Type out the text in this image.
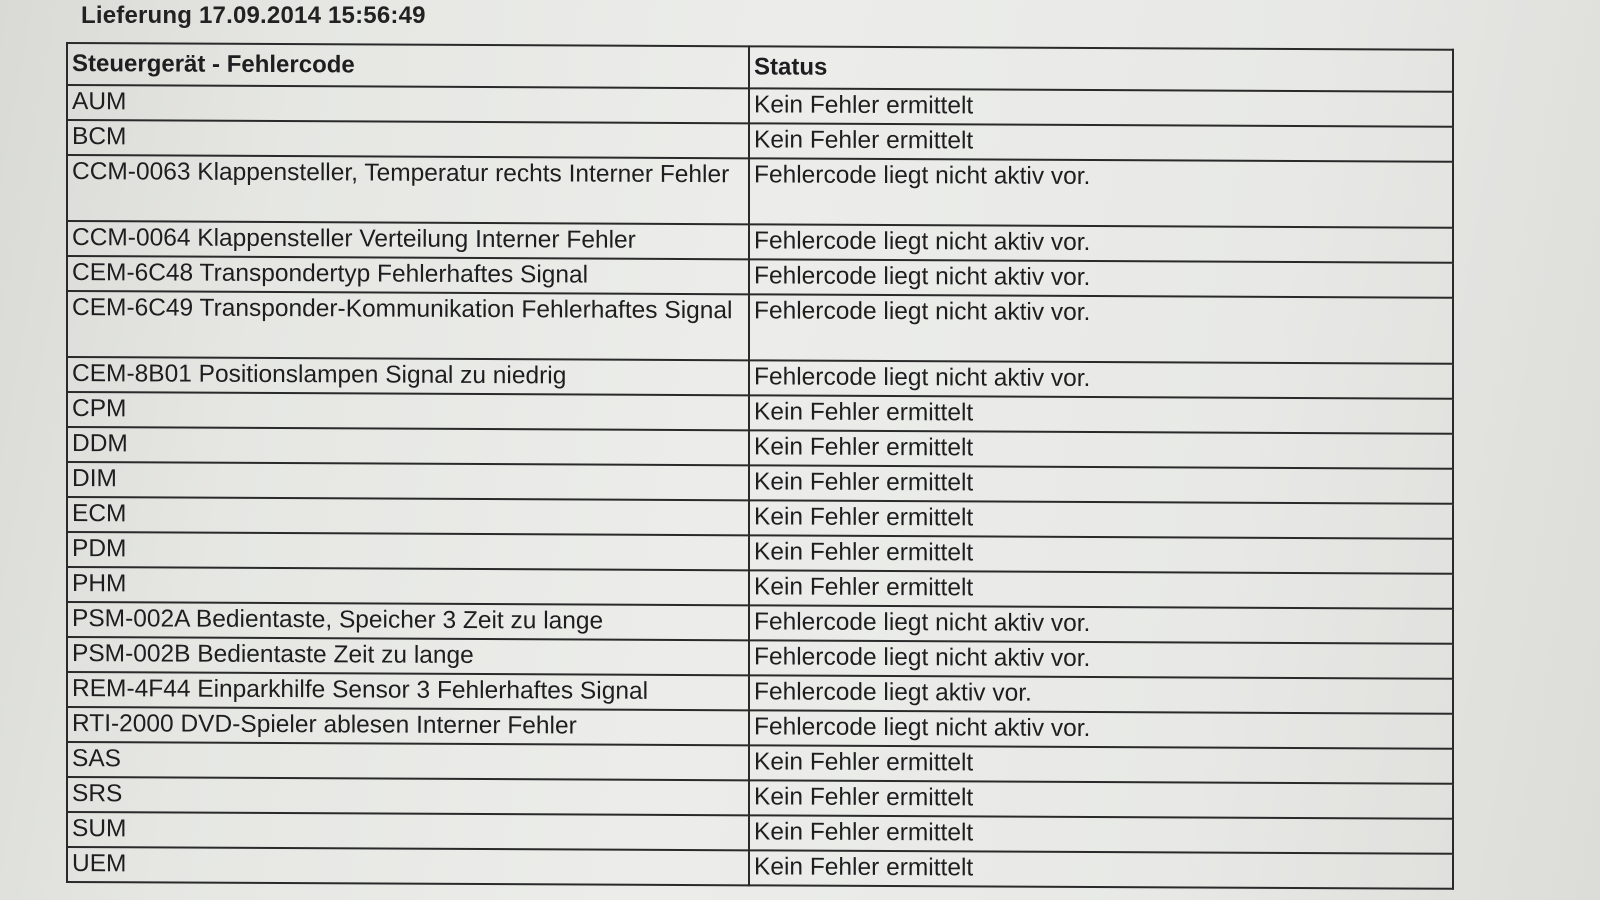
Lieferung 17.09.2014 15:56:49
Steuergerät - Fehlercode	Status
AUM	Kein Fehler ermittelt
BCM	Kein Fehler ermittelt
CCM-0063 Klappensteller, Temperatur rechts Interner Fehler	Fehlercode liegt nicht aktiv vor.
CCM-0064 Klappensteller Verteilung Interner Fehler	Fehlercode liegt nicht aktiv vor.
CEM-6C48 Transpondertyp Fehlerhaftes Signal	Fehlercode liegt nicht aktiv vor.
CEM-6C49 Transponder-Kommunikation Fehlerhaftes Signal	Fehlercode liegt nicht aktiv vor.
CEM-8B01 Positionslampen Signal zu niedrig	Fehlercode liegt nicht aktiv vor.
CPM	Kein Fehler ermittelt
DDM	Kein Fehler ermittelt
DIM	Kein Fehler ermittelt
ECM	Kein Fehler ermittelt
PDM	Kein Fehler ermittelt
PHM	Kein Fehler ermittelt
PSM-002A Bedientaste, Speicher 3 Zeit zu lange	Fehlercode liegt nicht aktiv vor.
PSM-002B Bedientaste Zeit zu lange	Fehlercode liegt nicht aktiv vor.
REM-4F44 Einparkhilfe Sensor 3 Fehlerhaftes Signal	Fehlercode liegt aktiv vor.
RTI-2000 DVD-Spieler ablesen Interner Fehler	Fehlercode liegt nicht aktiv vor.
SAS	Kein Fehler ermittelt
SRS	Kein Fehler ermittelt
SUM	Kein Fehler ermittelt
UEM	Kein Fehler ermittelt
